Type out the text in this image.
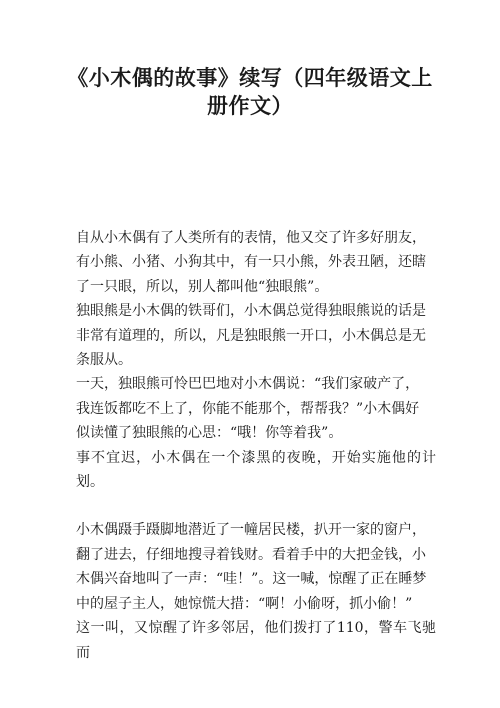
《小木偶的故事》续写（四年级语文上 册作文）

自从小木偶有了人类所有的表情，他又交了许多好朋友，
有小熊、小猪、小狗其中，有一只小熊，外表丑陋，还瞎
了一只眼，所以，别人都叫他“独眼熊”。

独眼熊是小木偶的铁哥们，小木偶总觉得独眼熊说的话是
非常有道理的，所以，凡是独眼熊一开口，小木偶总是无
条服从。

一天，独眼熊可怜巴巴地对小木偶说：“我们家破产了，
我连饭都吃不上了，你能不能那个，帮帮我？”小木偶好
似读懂了独眼熊的心思：“哦！你等着我”。

事不宜迟，小木偶在一个漆黑的夜晚，开始实施他的计划。

小木偶蹑手蹑脚地潜近了一幢居民楼，扒开一家的窗户，
翻了进去，仔细地搜寻着钱财。看着手中的大把金钱，小
木偶兴奋地叫了一声：“哇！”。这一喊，惊醒了正在睡梦
中的屋子主人，她惊慌大措：“啊！小偷呀，抓小偷！”
这一叫，又惊醒了许多邻居，他们拨打了110，警车飞驰而
